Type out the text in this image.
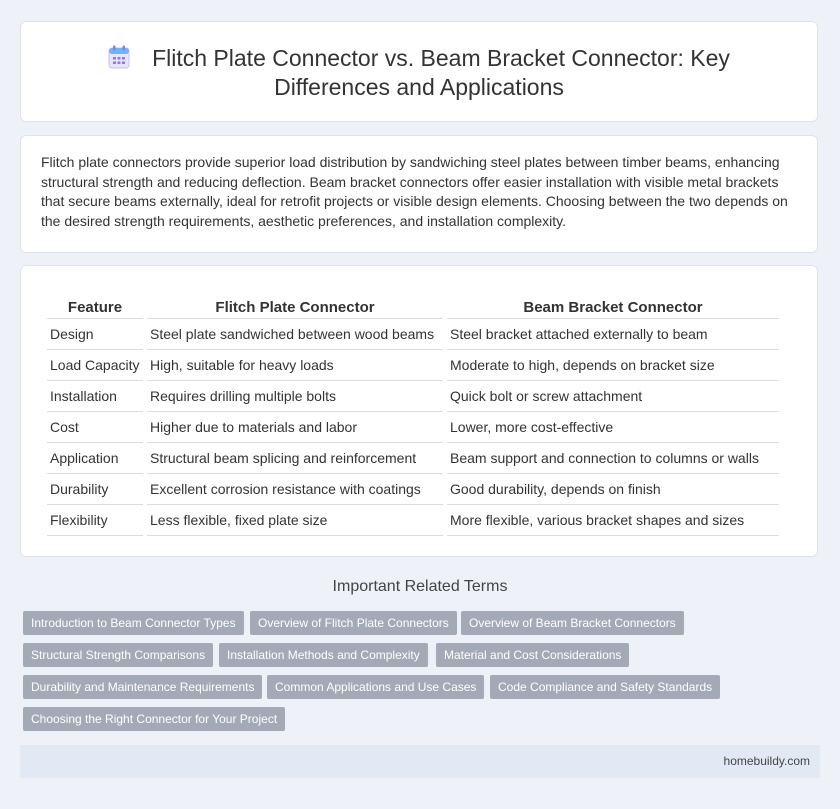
Flitch Plate Connector vs. Beam Bracket Connector: Key Differences and Applications

Flitch plate connectors provide superior load distribution by sandwiching steel plates between timber beams, enhancing structural strength and reducing deflection. Beam bracket connectors offer easier installation with visible metal brackets that secure beams externally, ideal for retrofit projects or visible design elements. Choosing between the two depends on the desired strength requirements, aesthetic preferences, and installation complexity.

Feature	Flitch Plate Connector	Beam Bracket Connector
Design	Steel plate sandwiched between wood beams	Steel bracket attached externally to beam
Load Capacity	High, suitable for heavy loads	Moderate to high, depends on bracket size
Installation	Requires drilling multiple bolts	Quick bolt or screw attachment
Cost	Higher due to materials and labor	Lower, more cost-effective
Application	Structural beam splicing and reinforcement	Beam support and connection to columns or walls
Durability	Excellent corrosion resistance with coatings	Good durability, depends on finish
Flexibility	Less flexible, fixed plate size	More flexible, various bracket shapes and sizes
Important Related Terms
Introduction to Beam Connector Types	Overview of Flitch Plate Connectors	Overview of Beam Bracket Connectors
Structural Strength Comparisons	Installation Methods and Complexity	Material and Cost Considerations
Durability and Maintenance Requirements	Common Applications and Use Cases	Code Compliance and Safety Standards
Choosing the Right Connector for Your Project
homebuildy.com
